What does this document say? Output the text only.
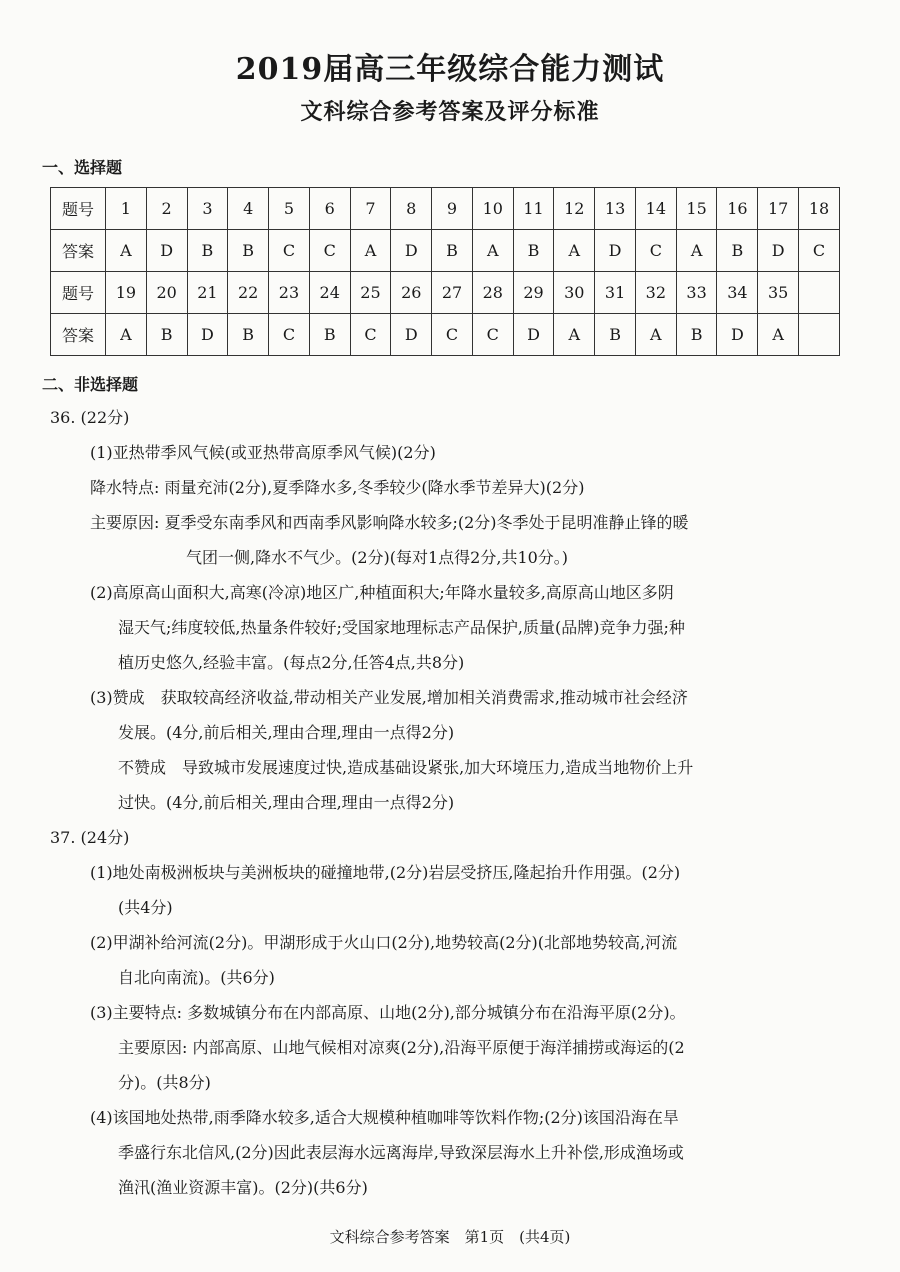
2019届高三年级综合能力测试
文科综合参考答案及评分标准
一、选择题
题号	1	2	3	4	5	6	7	8	9	10	11	12	13	14	15	16	17	18
答案	A	D	B	B	C	C	A	D	B	A	B	A	D	C	A	B	D	C
题号	19	20	21	22	23	24	25	26	27	28	29	30	31	32	33	34	35	
答案	A	B	D	B	C	B	C	D	C	C	D	A	B	A	B	D	A	
二、非选择题
36. (22分)
(1)亚热带季风气候(或亚热带高原季风气候)(2分)
降水特点: 雨量充沛(2分),夏季降水多,冬季较少(降水季节差异大)(2分)
主要原因: 夏季受东南季风和西南季风影响降水较多;(2分)冬季处于昆明准静止锋的暖
气团一侧,降水不气少。(2分)(每对1点得2分,共10分。)
(2)高原高山面积大,高寒(冷凉)地区广,种植面积大;年降水量较多,高原高山地区多阴
湿天气;纬度较低,热量条件较好;受国家地理标志产品保护,质量(品牌)竞争力强;种
植历史悠久,经验丰富。(每点2分,任答4点,共8分)
(3)赞成　获取较高经济收益,带动相关产业发展,增加相关消费需求,推动城市社会经济
发展。(4分,前后相关,理由合理,理由一点得2分)
不赞成　导致城市发展速度过快,造成基础设紧张,加大环境压力,造成当地物价上升
过快。(4分,前后相关,理由合理,理由一点得2分)
37. (24分)
(1)地处南极洲板块与美洲板块的碰撞地带,(2分)岩层受挤压,隆起抬升作用强。(2分)
(共4分)
(2)甲湖补给河流(2分)。甲湖形成于火山口(2分),地势较高(2分)(北部地势较高,河流
自北向南流)。(共6分)
(3)主要特点: 多数城镇分布在内部高原、山地(2分),部分城镇分布在沿海平原(2分)。
主要原因: 内部高原、山地气候相对凉爽(2分),沿海平原便于海洋捕捞或海运的(2
分)。(共8分)
(4)该国地处热带,雨季降水较多,适合大规模种植咖啡等饮料作物;(2分)该国沿海在旱
季盛行东北信风,(2分)因此表层海水远离海岸,导致深层海水上升补偿,形成渔场或
渔汛(渔业资源丰富)。(2分)(共6分)
文科综合参考答案　第1页　(共4页)
